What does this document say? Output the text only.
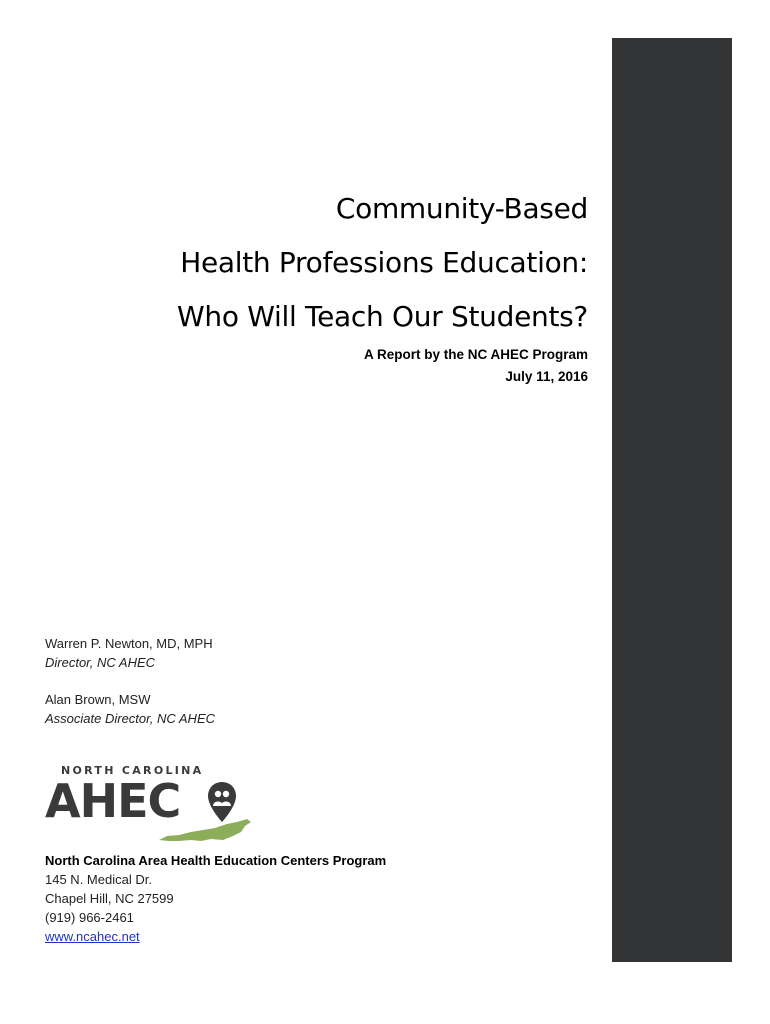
Community-Based
Health Professions Education:
Who Will Teach Our Students?
A Report by the NC AHEC Program
July 11, 2016
Warren P. Newton, MD, MPH
Director, NC AHEC
Alan Brown, MSW
Associate Director, NC AHEC
NORTH CAROLINA
AHEC
North Carolina Area Health Education Centers Program
145 N. Medical Dr.
Chapel Hill, NC 27599
(919) 966-2461
www.ncahec.net
